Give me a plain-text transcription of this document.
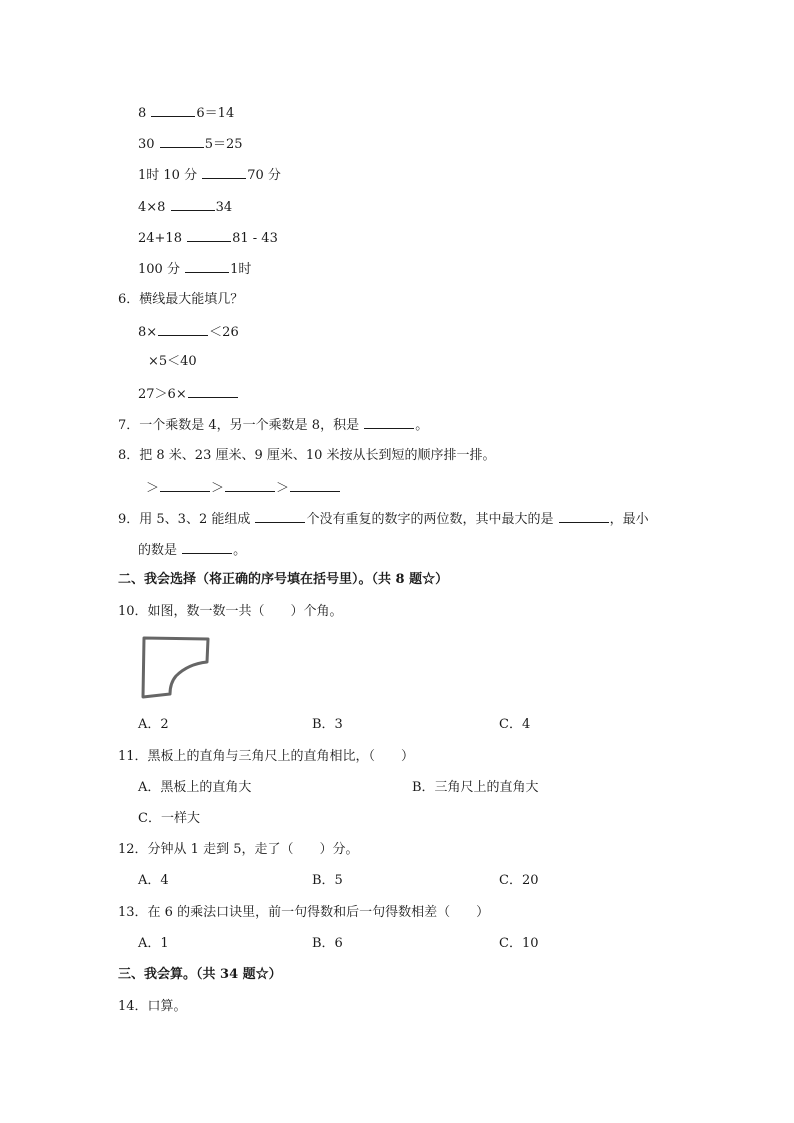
8	6＝14
30	5＝25
1时 10 分	70 分
4×8	34
24+18	81 - 43
100 分	1时
6．横线最大能填几？
8×	＜26
×5＜40
27＞6×
7．一个乘数是 4，另一个乘数是 8，积是	。
8．把 8 米、23 厘米、9 厘米、10 米按从长到短的顺序排一排。
＞	＞	＞
9．用 5、3、2 能组成	个没有重复的数字的两位数，其中最大的是	，最小
的数是	。
二、我会选择（将正确的序号填在括号里）。（共 8 题☆）
10．如图，数一数一共（ ）个角。
A．2	B．3	C．4
11．黑板上的直角与三角尺上的直角相比，（ ）
A．黑板上的直角大	B．三角尺上的直角大
C．一样大
12．分钟从 1 走到 5，走了（ ）分。
A．4	B．5	C．20
13．在 6 的乘法口诀里，前一句得数和后一句得数相差（ ）
A．1	B．6	C．10
三、我会算。（共 34 题☆）
14．口算。
